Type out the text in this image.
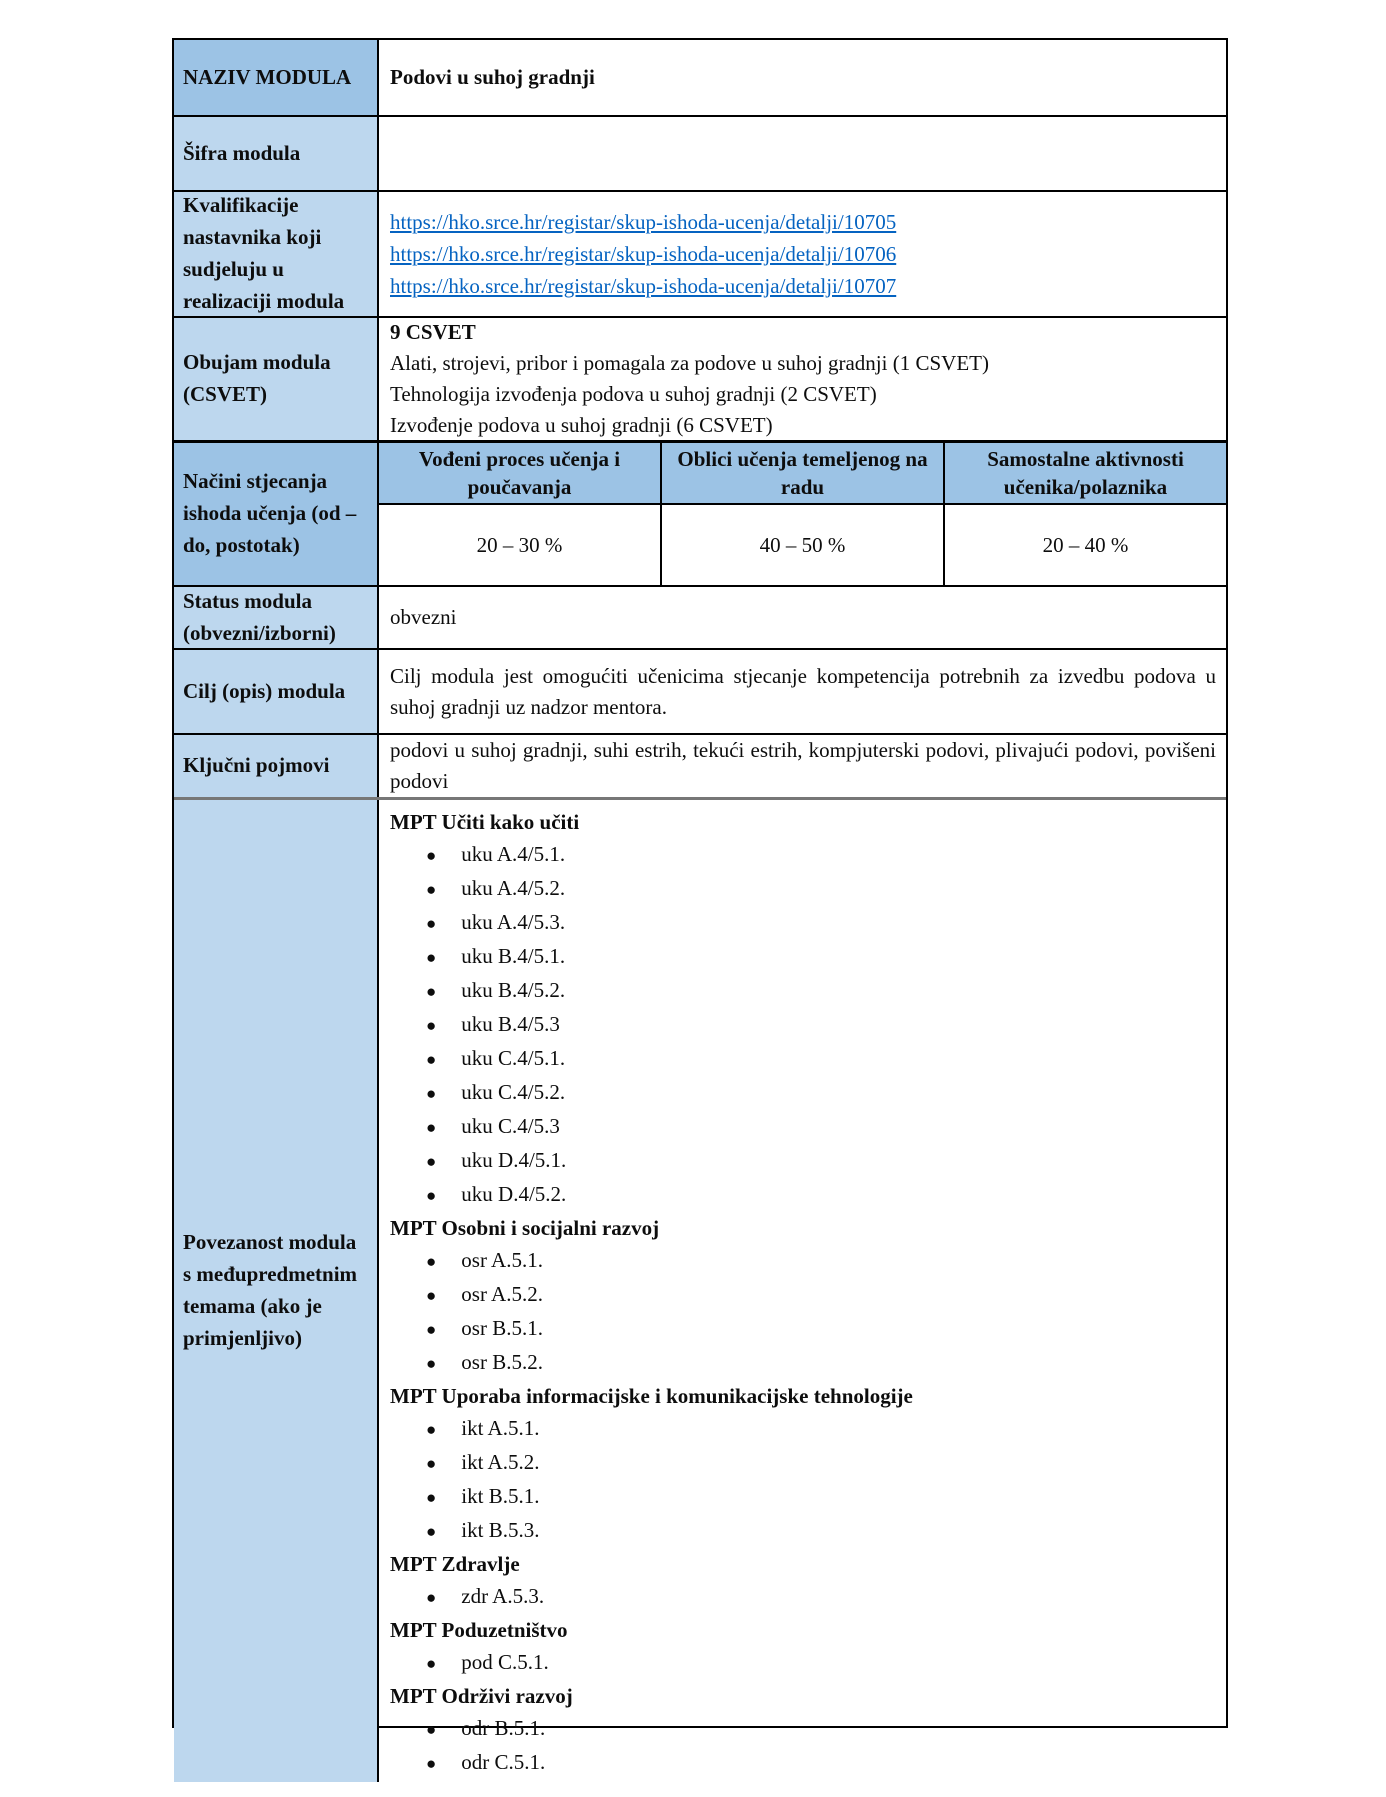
NAZIV MODULA	Podovi u suhoj gradnji
Šifra modula
Kvalifikacije nastavnika koji sudjeluju u realizaciji modula
https://hko.srce.hr/registar/skup-ishoda-ucenja/detalji/10705
https://hko.srce.hr/registar/skup-ishoda-ucenja/detalji/10706
https://hko.srce.hr/registar/skup-ishoda-ucenja/detalji/10707
Obujam modula (CSVET)
9 CSVET
Alati, strojevi, pribor i pomagala za podove u suhoj gradnji (1 CSVET)
Tehnologija izvođenja podova u suhoj gradnji (2 CSVET)
Izvođenje podova u suhoj gradnji (6 CSVET)
Načini stjecanja ishoda učenja (od –do, postotak)
Vođeni proces učenja i poučavanja
20 – 30 %
Oblici učenja temeljenog na radu
40 – 50 %
Samostalne aktivnosti učenika/polaznika
20 – 40 %
Status modula (obvezni/izborni)
obvezni
Cilj (opis) modula
Cilj modula jest omogućiti učenicima stjecanje kompetencija potrebnih za izvedbu podova u suhoj gradnji uz nadzor mentora.
Ključni pojmovi
podovi u suhoj gradnji, suhi estrih, tekući estrih, kompjuterski podovi, plivajući podovi, povišeni podovi
Povezanost modula s međupredmetnim temama (ako je primjenljivo)
MPT Učiti kako učiti
● uku A.4/5.1.
● uku A.4/5.2.
● uku A.4/5.3.
● uku B.4/5.1.
● uku B.4/5.2.
● uku B.4/5.3
● uku C.4/5.1.
● uku C.4/5.2.
● uku C.4/5.3
● uku D.4/5.1.
● uku D.4/5.2.
MPT Osobni i socijalni razvoj
● osr A.5.1.
● osr A.5.2.
● osr B.5.1.
● osr B.5.2.
MPT Uporaba informacijske i komunikacijske tehnologije
● ikt A.5.1.
● ikt A.5.2.
● ikt B.5.1.
● ikt B.5.3.
MPT Zdravlje
● zdr A.5.3.
MPT Poduzetništvo
● pod C.5.1.
MPT Održivi razvoj
● odr B.5.1.
● odr C.5.1.
